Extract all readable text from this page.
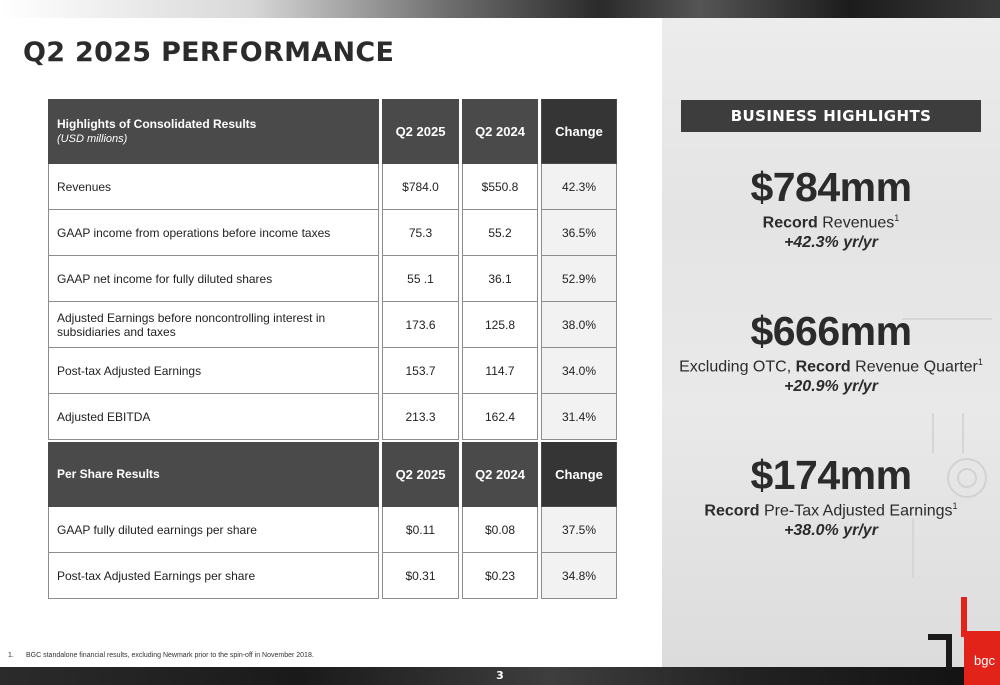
Q2 2025 PERFORMANCE
Highlights of Consolidated Results
(USD millions)	Q2 2025	Q2 2024	Change
Revenues	$784.0	$550.8	42.3%
GAAP income from operations before income taxes	75.3	55.2	36.5%
GAAP net income for fully diluted shares	55 .1	36.1	52.9%
Adjusted Earnings before noncontrolling interest in subsidiaries and taxes	173.6	125.8	38.0%
Post-tax Adjusted Earnings	153.7	114.7	34.0%
Adjusted EBITDA	213.3	162.4	31.4%
Per Share Results	Q2 2025	Q2 2024	Change
GAAP fully diluted earnings per share	$0.11	$0.08	37.5%
Post-tax Adjusted Earnings per share	$0.31	$0.23	34.8%
BUSINESS HIGHLIGHTS
$784mm
Record Revenues$^1$
+42.3% yr/yr
$666mm
Excluding OTC, Record Revenue Quarter$^1$
+20.9% yr/yr
$174mm
Record Pre-Tax Adjusted Earnings$^1$
+38.0% yr/yr
1. BGC standalone financial results, excluding Newmark prior to the spin-off in November 2018.
3
bgc
